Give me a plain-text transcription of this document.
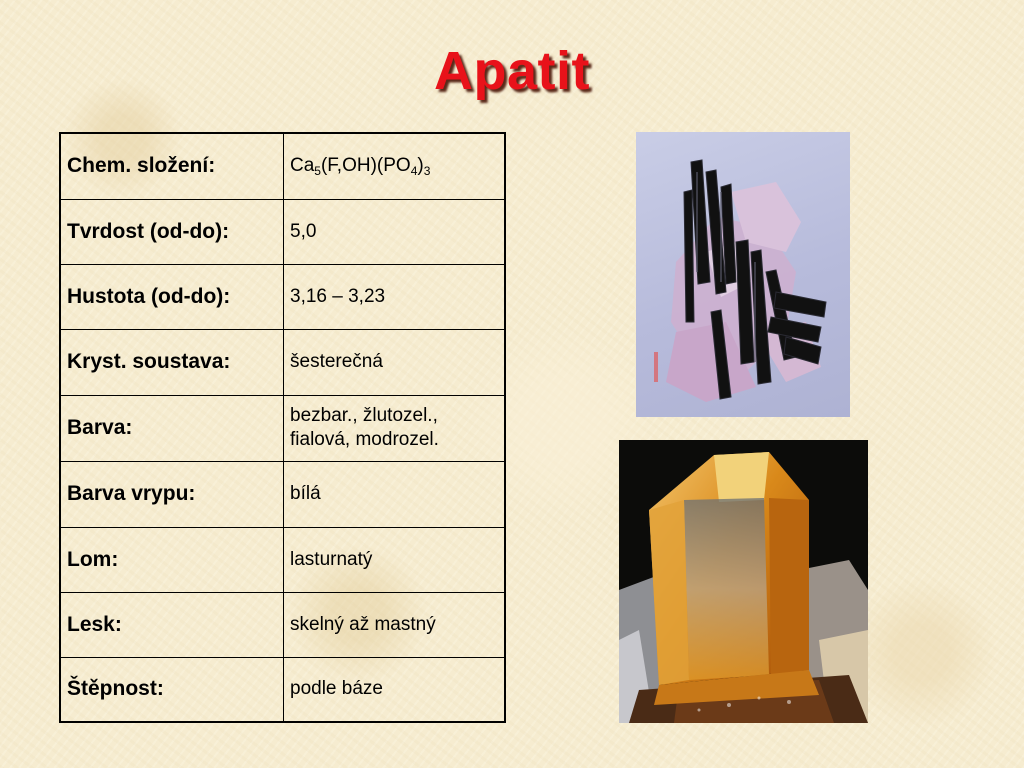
Apatit
Chem. složení:	$Ca_5(F,OH)(PO_4)_3$
Tvrdost (od-do):	5,0
Hustota (od-do):	3,16 – 3,23
Kryst. soustava:	šesterečná
Barva:	bezbar., žlutozel.,
fialová, modrozel.
Barva vrypu:	bílá
Lom:	lasturnatý
Lesk:	skelný až mastný
Štěpnost:	podle báze
